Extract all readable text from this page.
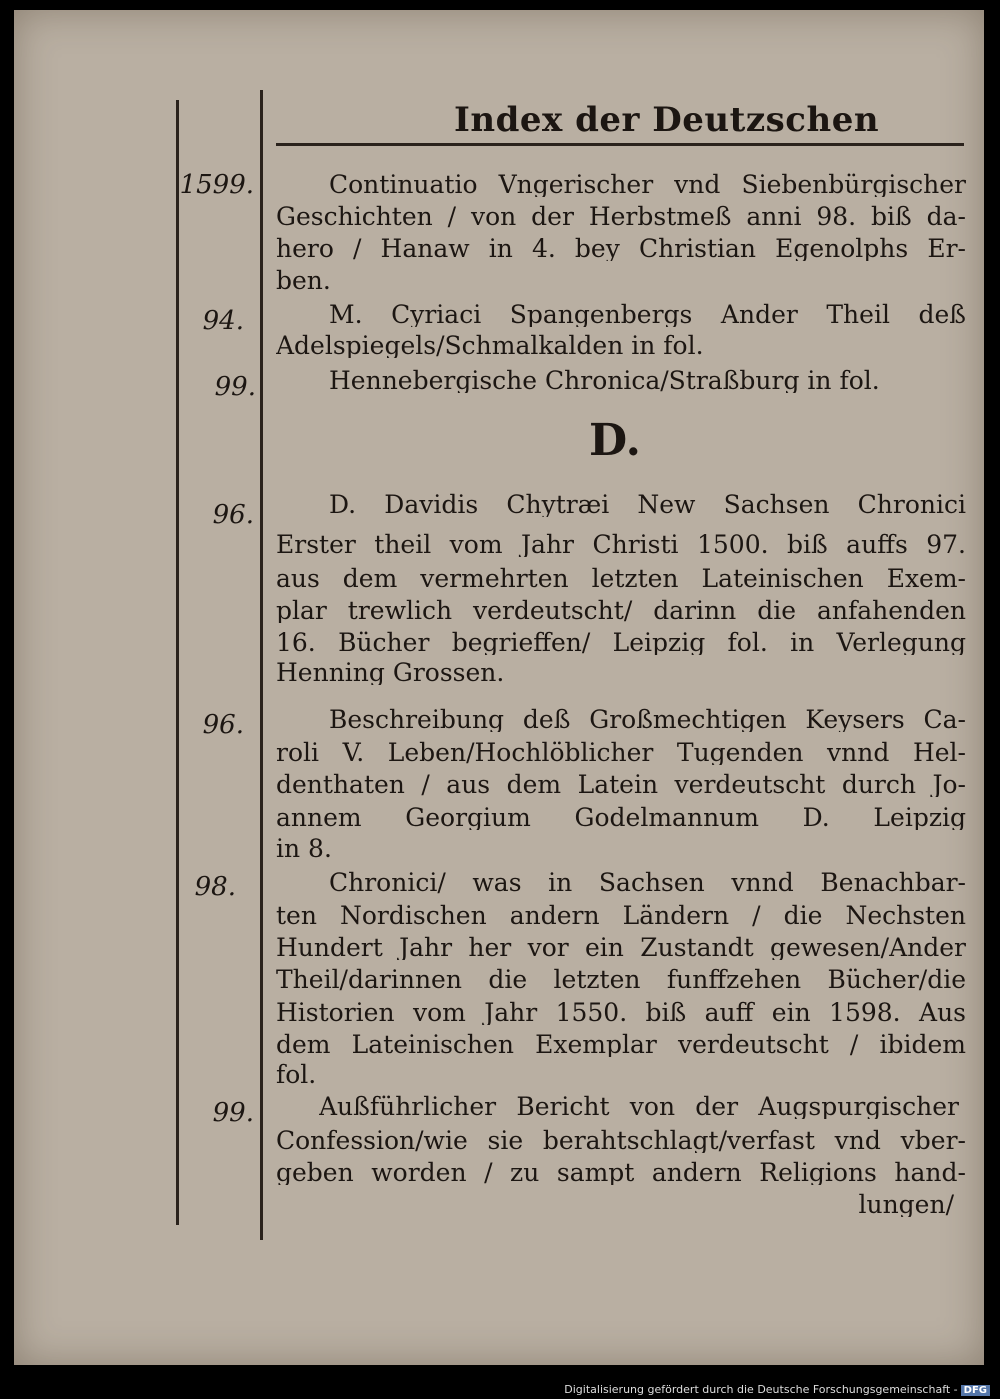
Index der Deutzschen
D.
1599.	Continuatio Vngerischer vnd Siebenbürgischer
Geschichten / von der Herbstmeß anni 98. biß da-
hero / Hanaw in 4. bey Christian Egenolphs Er-
ben.
94.	M. Cyriaci Spangenbergs Ander Theil deß
Adelspiegels/Schmalkalden in fol.
99.	Hennebergische Chronica/Straßburg in fol.
96.	D. Davidis Chytræi New Sachsen Chronici
Erster theil vom Jahr Christi 1500. biß auffs 97.
aus dem vermehrten letzten Lateinischen Exem-
plar trewlich verdeutscht/ darinn die anfahenden
16. Bücher begrieffen/ Leipzig fol. in Verlegung
Henning Grossen.
96.	Beschreibung deß Großmechtigen Keysers Ca-
roli V. Leben/Hochlöblicher Tugenden vnnd Hel-
denthaten / aus dem Latein verdeutscht durch Jo-
annem Georgium Godelmannum D. Leipzig
in 8.
98.	Chronici/ was in Sachsen vnnd Benachbar-
ten Nordischen andern Ländern / die Nechsten
Hundert Jahr her vor ein Zustandt gewesen/Ander
Theil/darinnen die letzten funffzehen Bücher/die
Historien vom Jahr 1550. biß auff ein 1598. Aus
dem Lateinischen Exemplar verdeutscht / ibidem
fol.
99.	Außführlicher Bericht von der Augspurgischer
Confession/wie sie berahtschlagt/verfast vnd vber-
geben worden / zu sampt andern Religions hand-
lungen/
Digitalisierung gefördert durch die Deutsche Forschungsgemeinschaft - DFG
